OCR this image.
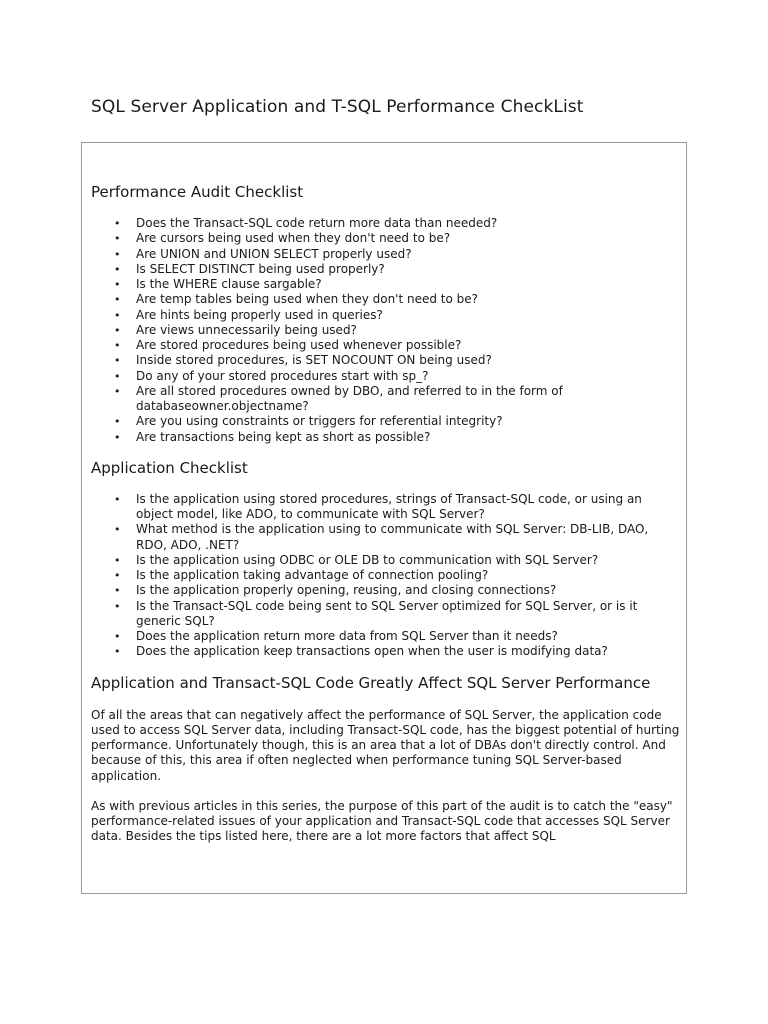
SQL Server Application and T-SQL Performance CheckList
Performance Audit Checklist
• Does the Transact-SQL code return more data than needed?
• Are cursors being used when they don't need to be?
• Are UNION and UNION SELECT properly used?
• Is SELECT DISTINCT being used properly?
• Is the WHERE clause sargable?
• Are temp tables being used when they don't need to be?
• Are hints being properly used in queries?
• Are views unnecessarily being used?
• Are stored procedures being used whenever possible?
• Inside stored procedures, is SET NOCOUNT ON being used?
• Do any of your stored procedures start with sp_?
• Are all stored procedures owned by DBO, and referred to in the form of databaseowner.objectname?
• Are you using constraints or triggers for referential integrity?
• Are transactions being kept as short as possible?
Application Checklist
• Is the application using stored procedures, strings of Transact-SQL code, or using an object model, like ADO, to communicate with SQL Server?
• What method is the application using to communicate with SQL Server: DB-LIB, DAO, RDO, ADO, .NET?
• Is the application using ODBC or OLE DB to communication with SQL Server?
• Is the application taking advantage of connection pooling?
• Is the application properly opening, reusing, and closing connections?
• Is the Transact-SQL code being sent to SQL Server optimized for SQL Server, or is it generic SQL?
• Does the application return more data from SQL Server than it needs?
• Does the application keep transactions open when the user is modifying data?
Application and Transact-SQL Code Greatly Affect SQL Server Performance

Of all the areas that can negatively affect the performance of SQL Server, the application code used to access SQL Server data, including Transact-SQL code, has the biggest potential of hurting performance. Unfortunately though, this is an area that a lot of DBAs don't directly control. And because of this, this area if often neglected when performance tuning SQL Server-based application.

As with previous articles in this series, the purpose of this part of the audit is to catch the "easy" performance-related issues of your application and Transact-SQL code that accesses SQL Server data. Besides the tips listed here, there are a lot more factors that affect SQL
